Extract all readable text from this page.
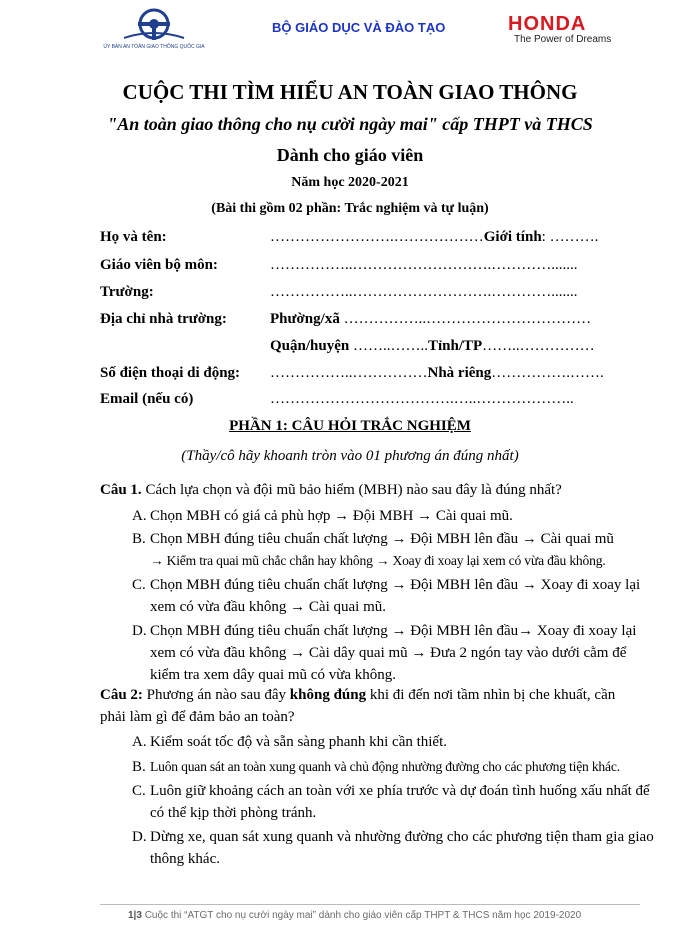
ỦY BAN AN TOÀN GIAO THÔNG QUỐC GIA
BỘ GIÁO DỤC VÀ ĐÀO TẠO	HONDA
The Power of Dreams
CUỘC THI TÌM HIỂU AN TOÀN GIAO THÔNG
"An toàn giao thông cho nụ cười ngày mai" cấp THPT và THCS
Dành cho giáo viên
Năm học 2020-2021
(Bài thi gồm 02 phần: Trắc nghiệm và tự luận)
Họ và tên:	…………………….………………Giới tính: ……….
Giáo viên bộ môn:	……………..……………………….………….......
Trường:	……………..……………………….………….......
Địa chỉ nhà trường:	Phường/xã ……………..……………………………
Quận/huyện ……..……..Tỉnh/TP……..……………
Số điện thoại di động: ……………..……………Nhà riêng…………….…….
Email (nếu có)	……………………………….…..………………..
PHẦN 1: CÂU HỎI TRẮC NGHIỆM
(Thầy/cô hãy khoanh tròn vào 01 phương án đúng nhất)
Câu 1. Cách lựa chọn và đội mũ bảo hiểm (MBH) nào sau đây là đúng nhất?
A. Chọn MBH có giá cả phù hợp → Đội MBH → Cài quai mũ.
B. Chọn MBH đúng tiêu chuẩn chất lượng → Đội MBH lên đầu → Cài quai mũ
→ Kiểm tra quai mũ chắc chắn hay không → Xoay đi xoay lại xem có vừa đầu không.
C. Chọn MBH đúng tiêu chuẩn chất lượng → Đội MBH lên đầu → Xoay đi xoay lại xem có vừa đầu không → Cài quai mũ.
D. Chọn MBH đúng tiêu chuẩn chất lượng → Đội MBH lên đầu→ Xoay đi xoay lại xem có vừa đầu không → Cài dây quai mũ → Đưa 2 ngón tay vào dưới cằm để kiểm tra xem dây quai mũ có vừa không.
Câu 2: Phương án nào sau đây không đúng khi đi đến nơi tầm nhìn bị che khuất, cần phải làm gì để đảm bảo an toàn?
A. Kiểm soát tốc độ và sẵn sàng phanh khi cần thiết.
B. Luôn quan sát an toàn xung quanh và chủ động nhường đường cho các phương tiện khác.
C. Luôn giữ khoảng cách an toàn với xe phía trước và dự đoán tình huống xấu nhất để có thể kịp thời phòng tránh.
D. Dừng xe, quan sát xung quanh và nhường đường cho các phương tiện tham gia giao thông khác.
1|3 Cuộc thi “ATGT cho nụ cười ngày mai” dành cho giáo viên cấp THPT & THCS năm học 2019-2020
